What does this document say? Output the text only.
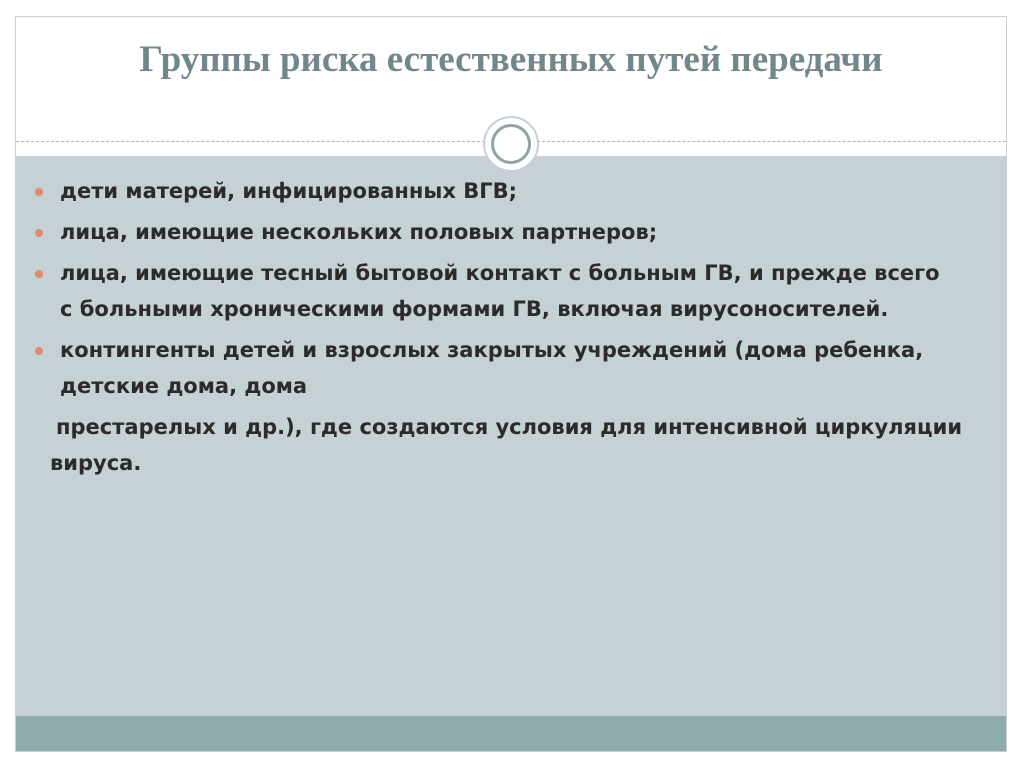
Группы риска естественных путей передачи
дети матерей, инфицированных ВГВ;
лица, имеющие нескольких половых партнеров;
лица, имеющие тесный бытовой контакт с больным ГВ, и прежде всего с больными хроническими формами ГВ, включая вирусоносителей.
контингенты детей и взрослых закрытых учреждений (дома ребенка, детские дома, дома
престарелых и др.), где создаются условия для интенсивной циркуляции
вируса.
